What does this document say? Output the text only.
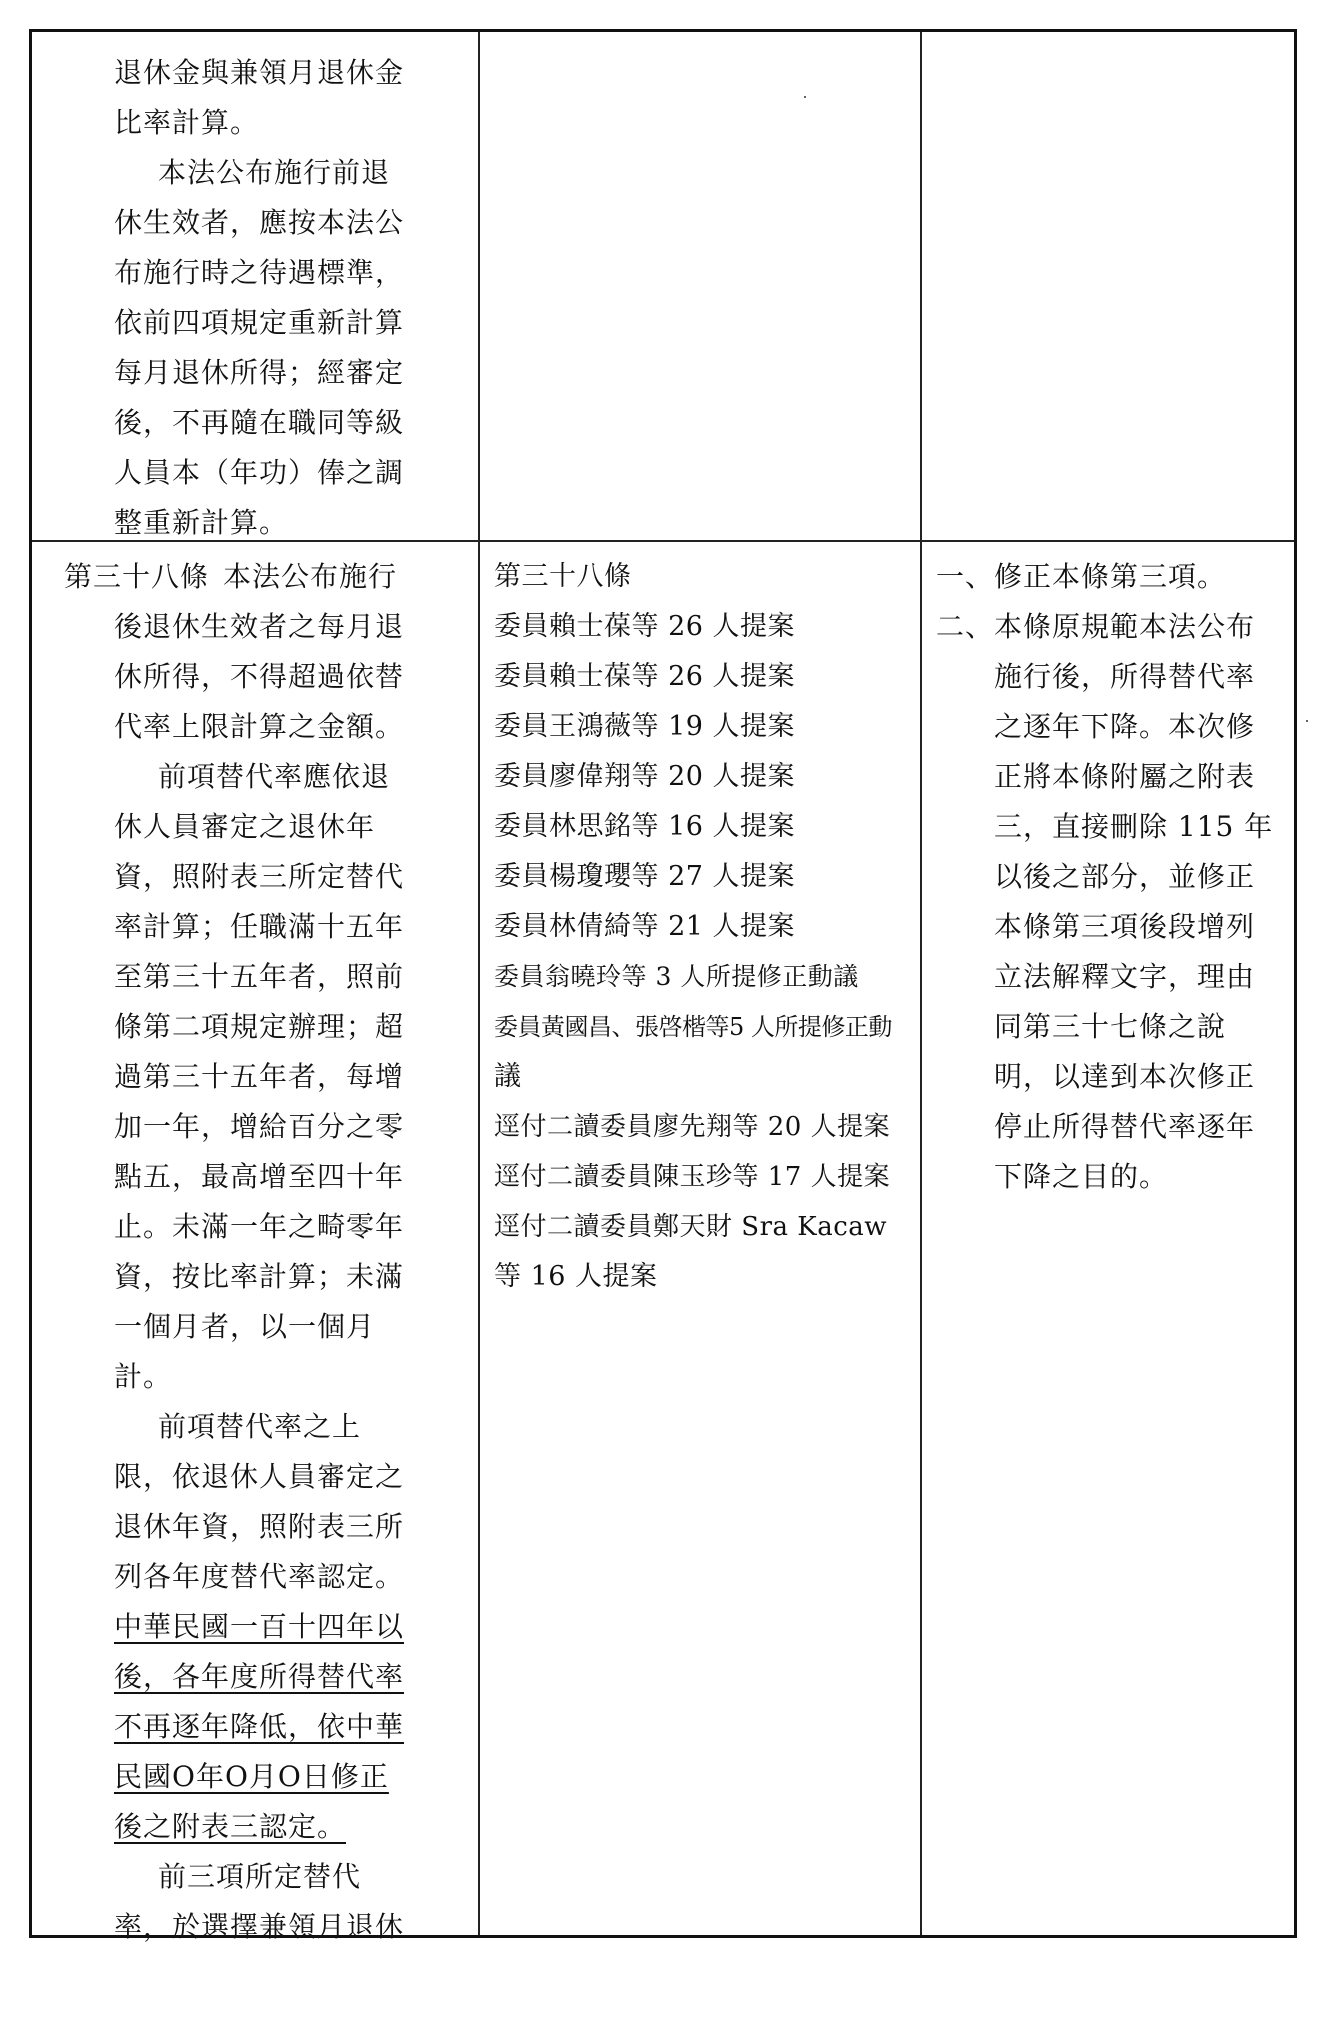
退休金與兼領月退休金
比率計算。
本法公布施行前退
休生效者，應按本法公
布施行時之待遇標準，
依前四項規定重新計算
每月退休所得；經審定
後，不再隨在職同等級
人員本（年功）俸之調
整重新計算。
第三十八條 本法公布施行
後退休生效者之每月退
休所得，不得超過依替
代率上限計算之金額。
前項替代率應依退
休人員審定之退休年
資，照附表三所定替代
率計算；任職滿十五年
至第三十五年者，照前
條第二項規定辦理；超
過第三十五年者，每增
加一年，增給百分之零
點五，最高增至四十年
止。未滿一年之畸零年
資，按比率計算；未滿
一個月者，以一個月
計。
前項替代率之上
限，依退休人員審定之
退休年資，照附表三所
列各年度替代率認定。
中華民國一百十四年以
後，各年度所得替代率
不再逐年降低，依中華
民國O年O月O日修正
後之附表三認定。
前三項所定替代
率，於選擇兼領月退休
第三十八條
委員賴士葆等 26 人提案
委員賴士葆等 26 人提案
委員王鴻薇等 19 人提案
委員廖偉翔等 20 人提案
委員林思銘等 16 人提案
委員楊瓊瓔等 27 人提案
委員林倩綺等 21 人提案
委員翁曉玲等 3 人所提修正動議
委員黃國昌、張啓楷等5 人所提修正動
議
逕付二讀委員廖先翔等 20 人提案
逕付二讀委員陳玉珍等 17 人提案
逕付二讀委員鄭天財 Sra Kacaw
等 16 人提案
一、修正本條第三項。
二、本條原規範本法公布
施行後，所得替代率
之逐年下降。本次修
正將本條附屬之附表
三，直接刪除 115 年
以後之部分，並修正
本條第三項後段增列
立法解釋文字，理由
同第三十七條之說
明，以達到本次修正
停止所得替代率逐年
下降之目的。
